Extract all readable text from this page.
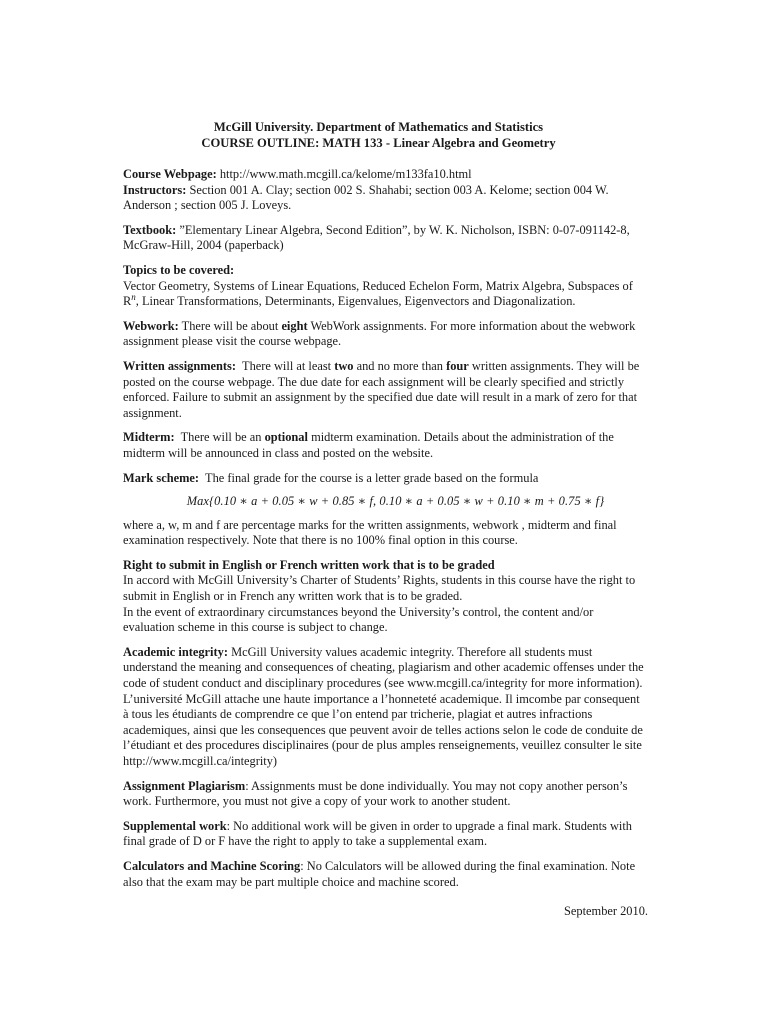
McGill University. Department of Mathematics and Statistics
COURSE OUTLINE: MATH 133 - Linear Algebra and Geometry
Course Webpage: http://www.math.mcgill.ca/kelome/m133fa10.html
Instructors: Section 001 A. Clay; section 002 S. Shahabi; section 003 A. Kelome; section 004 W. Anderson ; section 005 J. Loveys.
Textbook: ”Elementary Linear Algebra, Second Edition”, by W. K. Nicholson, ISBN: 0-07-091142-8, McGraw-Hill, 2004 (paperback)
Topics to be covered:
Vector Geometry, Systems of Linear Equations, Reduced Echelon Form, Matrix Algebra, Subspaces of $R^n$, Linear Transformations, Determinants, Eigenvalues, Eigenvectors and Diagonalization.
Webwork: There will be about eight WebWork assignments. For more information about the webwork assignment please visit the course webpage.
Written assignments: There will at least two and no more than four written assignments. They will be posted on the course webpage. The due date for each assignment will be clearly specified and strictly enforced. Failure to submit an assignment by the specified due date will result in a mark of zero for that assignment.
Midterm: There will be an optional midterm examination. Details about the administration of the midterm will be announced in class and posted on the website.
Mark scheme: The final grade for the course is a letter grade based on the formula
Max{0.10 ∗ a + 0.05 ∗ w + 0.85 ∗ f, 0.10 ∗ a + 0.05 ∗ w + 0.10 ∗ m + 0.75 ∗ f}
where a, w, m and f are percentage marks for the written assignments, webwork , midterm and final examination respectively. Note that there is no 100% final option in this course.
Right to submit in English or French written work that is to be graded
In accord with McGill University’s Charter of Students’ Rights, students in this course have the right to submit in English or in French any written work that is to be graded.
In the event of extraordinary circumstances beyond the University’s control, the content and/or evaluation scheme in this course is subject to change.
Academic integrity: McGill University values academic integrity. Therefore all students must understand the meaning and consequences of cheating, plagiarism and other academic offenses under the code of student conduct and disciplinary procedures (see www.mcgill.ca/integrity for more information).
L’université McGill attache une haute importance a l’honneteté academique. Il imcombe par consequent à tous les étudiants de comprendre ce que l’on entend par tricherie, plagiat et autres infractions academiques, ainsi que les consequences que peuvent avoir de telles actions selon le code de conduite de l’étudiant et des procedures disciplinaires (pour de plus amples renseignements, veuillez consulter le site http://www.mcgill.ca/integrity)
Assignment Plagiarism: Assignments must be done individually. You may not copy another person’s work. Furthermore, you must not give a copy of your work to another student.
Supplemental work: No additional work will be given in order to upgrade a final mark. Students with final grade of D or F have the right to apply to take a supplemental exam.
Calculators and Machine Scoring: No Calculators will be allowed during the final examination. Note also that the exam may be part multiple choice and machine scored.
September 2010.
